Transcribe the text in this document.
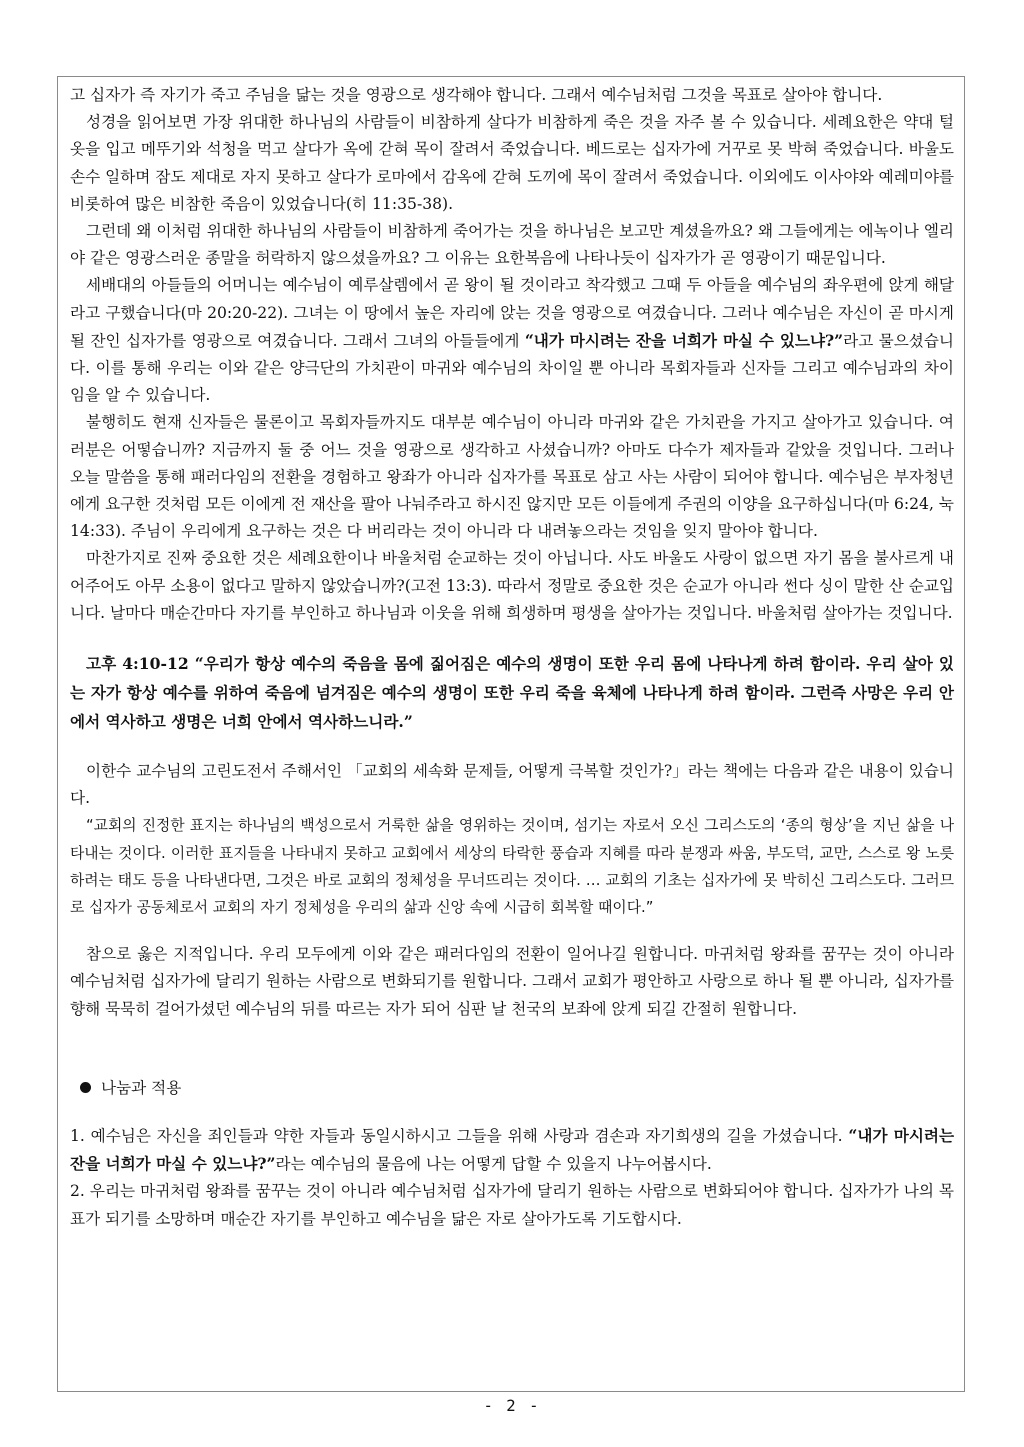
고 십자가 즉 자기가 죽고 주님을 닮는 것을 영광으로 생각해야 합니다. 그래서 예수님처럼 그것을 목표로 살아야 합니다.

성경을 읽어보면 가장 위대한 하나님의 사람들이 비참하게 살다가 비참하게 죽은 것을 자주 볼 수 있습니다. 세례요한은 약대 털옷을 입고 메뚜기와 석청을 먹고 살다가 옥에 갇혀 목이 잘려서 죽었습니다. 베드로는 십자가에 거꾸로 못 박혀 죽었습니다. 바울도 손수 일하며 잠도 제대로 자지 못하고 살다가 로마에서 감옥에 갇혀 도끼에 목이 잘려서 죽었습니다. 이외에도 이사야와 예레미야를 비롯하여 많은 비참한 죽음이 있었습니다(히 11:35-38).

그런데 왜 이처럼 위대한 하나님의 사람들이 비참하게 죽어가는 것을 하나님은 보고만 계셨을까요? 왜 그들에게는 에녹이나 엘리야 같은 영광스러운 종말을 허락하지 않으셨을까요? 그 이유는 요한복음에 나타나듯이 십자가가 곧 영광이기 때문입니다.

세배대의 아들들의 어머니는 예수님이 예루살렘에서 곧 왕이 될 것이라고 착각했고 그때 두 아들을 예수님의 좌우편에 앉게 해달라고 구했습니다(마 20:20-22). 그녀는 이 땅에서 높은 자리에 앉는 것을 영광으로 여겼습니다. 그러나 예수님은 자신이 곧 마시게 될 잔인 십자가를 영광으로 여겼습니다. 그래서 그녀의 아들들에게 “내가 마시려는 잔을 너희가 마실 수 있느냐?”라고 물으셨습니다. 이를 통해 우리는 이와 같은 양극단의 가치관이 마귀와 예수님의 차이일 뿐 아니라 목회자들과 신자들 그리고 예수님과의 차이임을 알 수 있습니다.

불행히도 현재 신자들은 물론이고 목회자들까지도 대부분 예수님이 아니라 마귀와 같은 가치관을 가지고 살아가고 있습니다. 여러분은 어떻습니까? 지금까지 둘 중 어느 것을 영광으로 생각하고 사셨습니까? 아마도 다수가 제자들과 같았을 것입니다. 그러나 오늘 말씀을 통해 패러다임의 전환을 경험하고 왕좌가 아니라 십자가를 목표로 삼고 사는 사람이 되어야 합니다. 예수님은 부자청년에게 요구한 것처럼 모든 이에게 전 재산을 팔아 나눠주라고 하시진 않지만 모든 이들에게 주권의 이양을 요구하십니다(마 6:24, 눅 14:33). 주님이 우리에게 요구하는 것은 다 버리라는 것이 아니라 다 내려놓으라는 것임을 잊지 말아야 합니다.

마찬가지로 진짜 중요한 것은 세례요한이나 바울처럼 순교하는 것이 아닙니다. 사도 바울도 사랑이 없으면 자기 몸을 불사르게 내어주어도 아무 소용이 없다고 말하지 않았습니까?(고전 13:3). 따라서 정말로 중요한 것은 순교가 아니라 썬다 싱이 말한 산 순교입니다. 날마다 매순간마다 자기를 부인하고 하나님과 이웃을 위해 희생하며 평생을 살아가는 것입니다. 바울처럼 살아가는 것입니다.

고후 4:10-12 “우리가 항상 예수의 죽음을 몸에 짊어짐은 예수의 생명이 또한 우리 몸에 나타나게 하려 함이라. 우리 살아 있는 자가 항상 예수를 위하여 죽음에 넘겨짐은 예수의 생명이 또한 우리 죽을 육체에 나타나게 하려 함이라. 그런즉 사망은 우리 안에서 역사하고 생명은 너희 안에서 역사하느니라.”

이한수 교수님의 고린도전서 주해서인 「교회의 세속화 문제들, 어떻게 극복할 것인가?」라는 책에는 다음과 같은 내용이 있습니다.

“교회의 진정한 표지는 하나님의 백성으로서 거룩한 삶을 영위하는 것이며, 섬기는 자로서 오신 그리스도의 ‘종의 형상’을 지닌 삶을 나타내는 것이다. 이러한 표지들을 나타내지 못하고 교회에서 세상의 타락한 풍습과 지혜를 따라 분쟁과 싸움, 부도덕, 교만, 스스로 왕 노릇 하려는 태도 등을 나타낸다면, 그것은 바로 교회의 정체성을 무너뜨리는 것이다. … 교회의 기초는 십자가에 못 박히신 그리스도다. 그러므로 십자가 공동체로서 교회의 자기 정체성을 우리의 삶과 신앙 속에 시급히 회복할 때이다.”

참으로 옳은 지적입니다. 우리 모두에게 이와 같은 패러다임의 전환이 일어나길 원합니다. 마귀처럼 왕좌를 꿈꾸는 것이 아니라 예수님처럼 십자가에 달리기 원하는 사람으로 변화되기를 원합니다. 그래서 교회가 평안하고 사랑으로 하나 될 뿐 아니라, 십자가를 향해 묵묵히 걸어가셨던 예수님의 뒤를 따르는 자가 되어 심판 날 천국의 보좌에 앉게 되길 간절히 원합니다.

나눔과 적용

1. 예수님은 자신을 죄인들과 약한 자들과 동일시하시고 그들을 위해 사랑과 겸손과 자기희생의 길을 가셨습니다. “내가 마시려는 잔을 너희가 마실 수 있느냐?”라는 예수님의 물음에 나는 어떻게 답할 수 있을지 나누어봅시다.

2. 우리는 마귀처럼 왕좌를 꿈꾸는 것이 아니라 예수님처럼 십자가에 달리기 원하는 사람으로 변화되어야 합니다. 십자가가 나의 목표가 되기를 소망하며 매순간 자기를 부인하고 예수님을 닮은 자로 살아가도록 기도합시다.

- 2 -
